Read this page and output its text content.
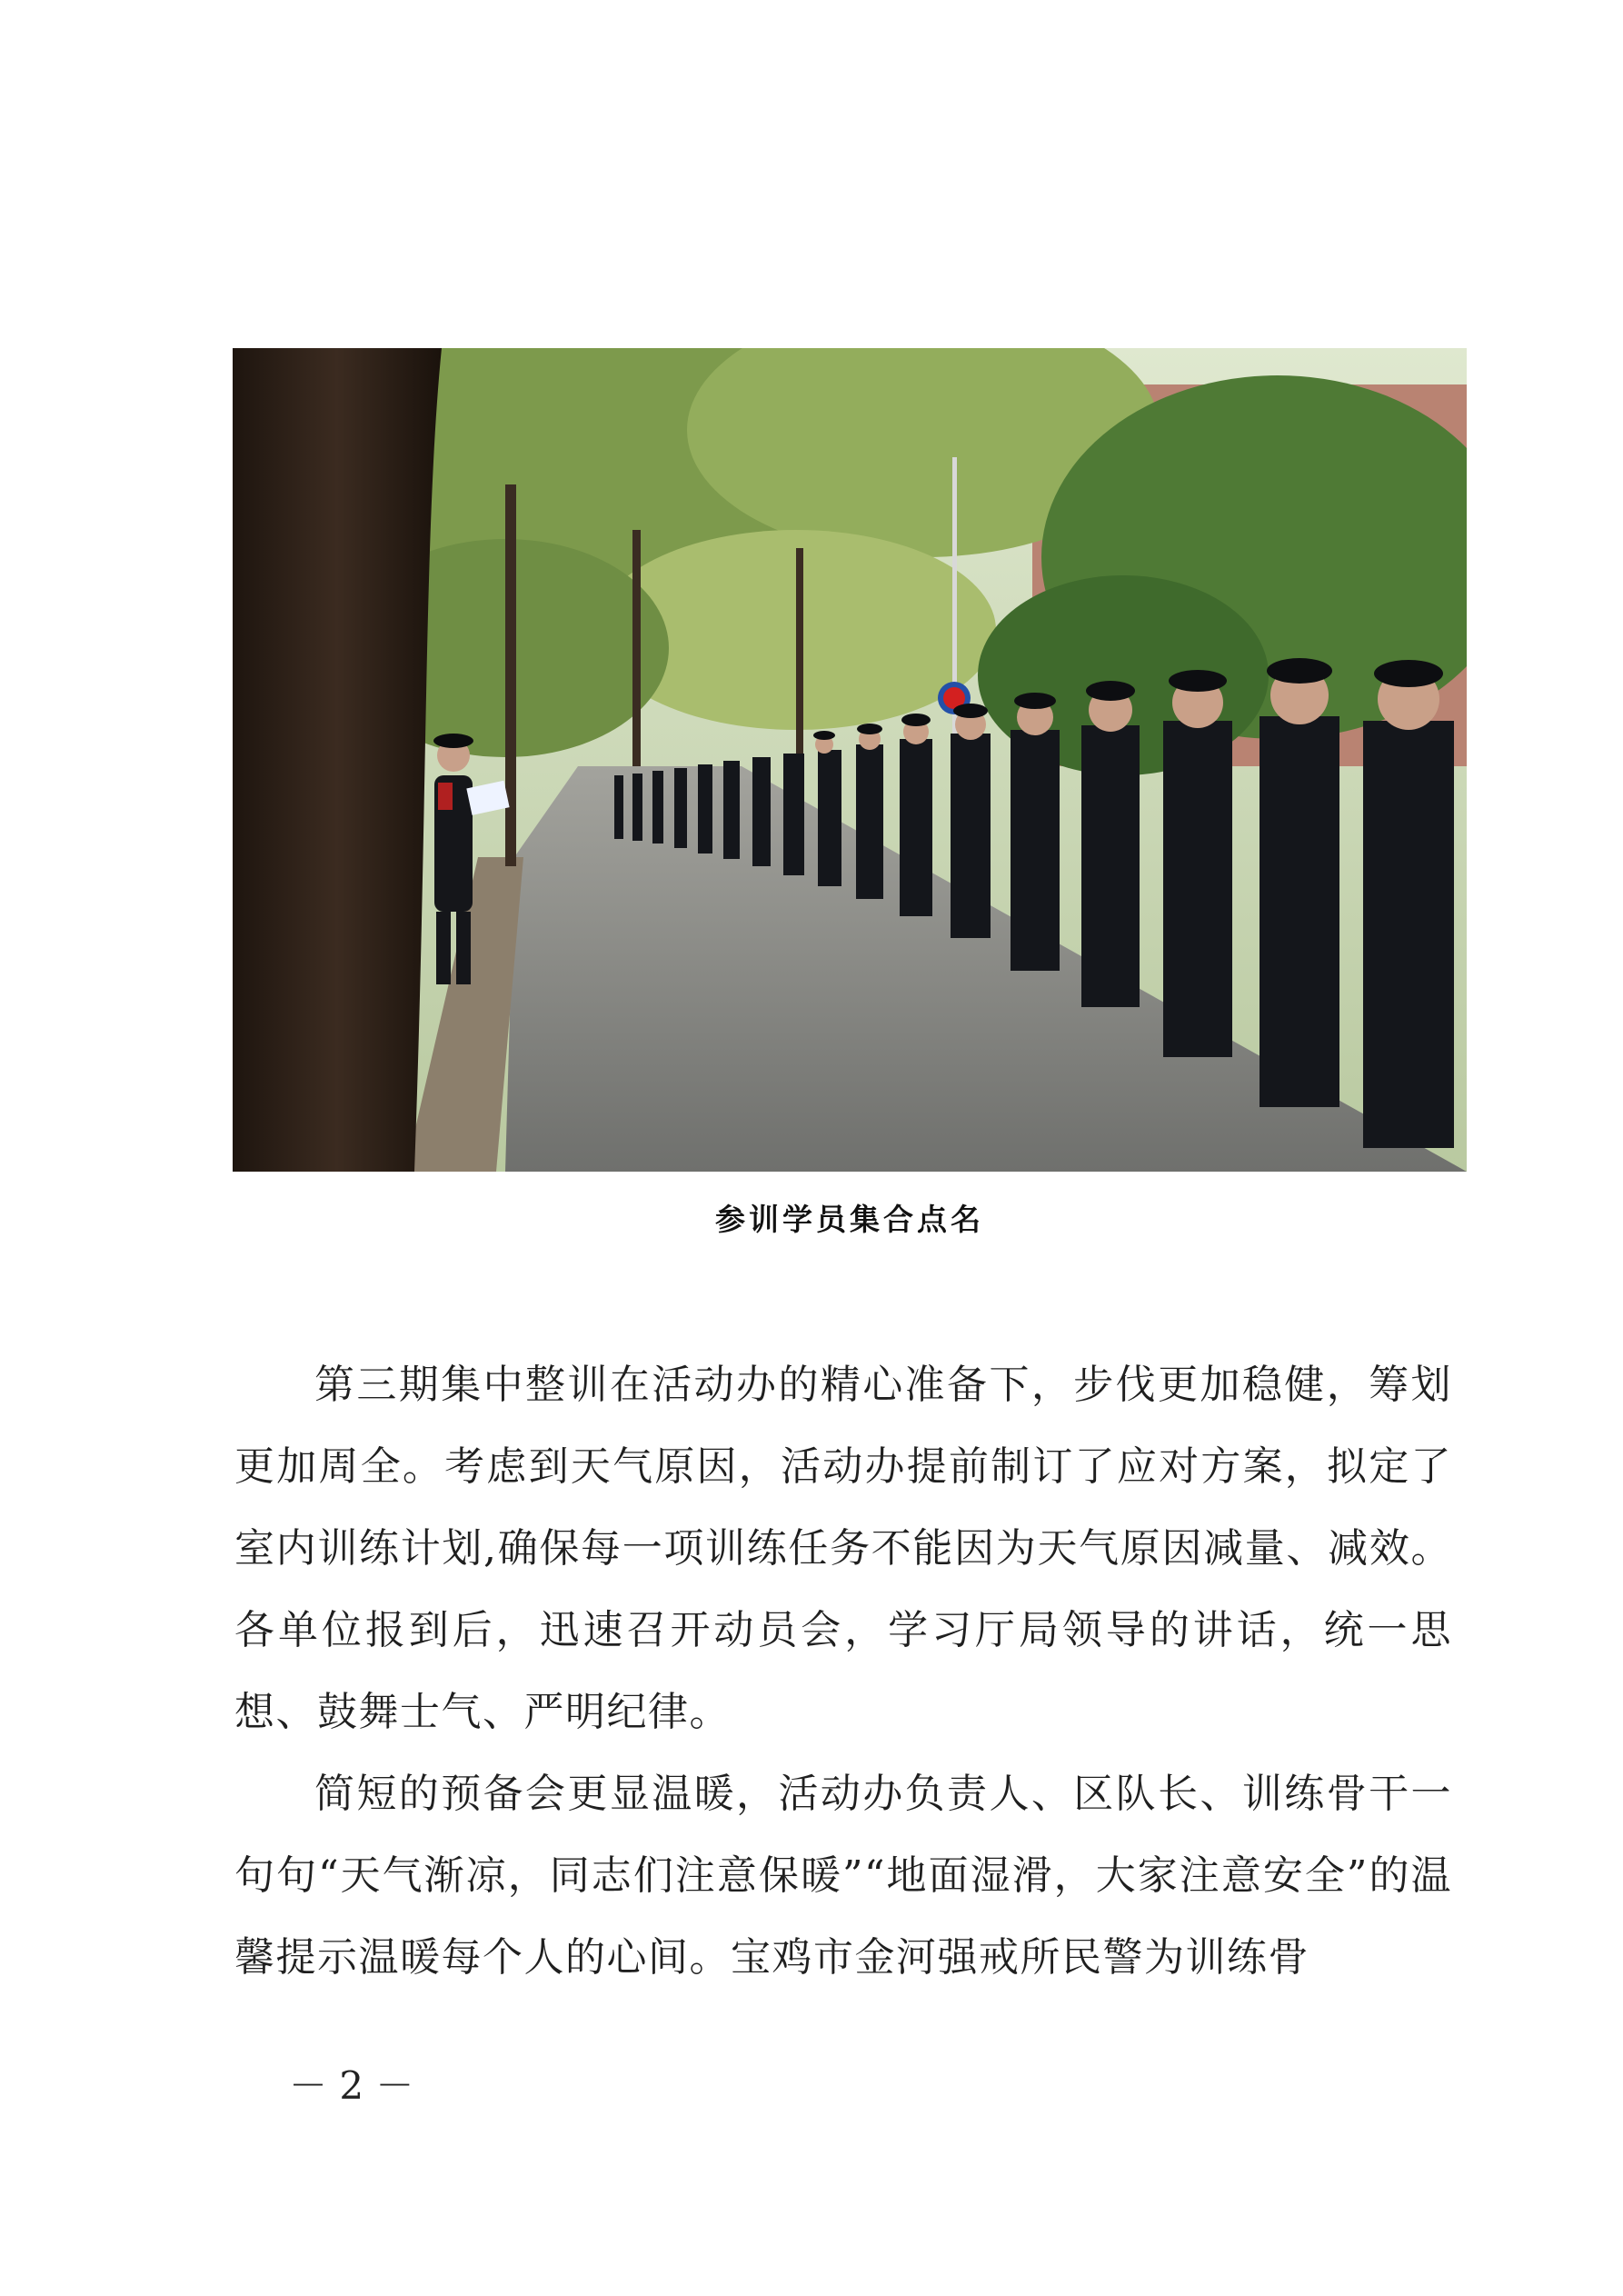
参训学员集合点名

第三期集中整训在活动办的精心准备下，步伐更加稳健，筹划更加周全。考虑到天气原因，活动办提前制订了应对方案，拟定了室内训练计划,确保每一项训练任务不能因为天气原因减量、减效。各单位报到后，迅速召开动员会，学习厅局领导的讲话，统一思想、鼓舞士气、严明纪律。

简短的预备会更显温暖，活动办负责人、区队长、训练骨干一句句“天气渐凉，同志们注意保暖”“地面湿滑，大家注意安全”的温馨提示温暖每个人的心间。宝鸡市金河强戒所民警为训练骨

－ 2 －
